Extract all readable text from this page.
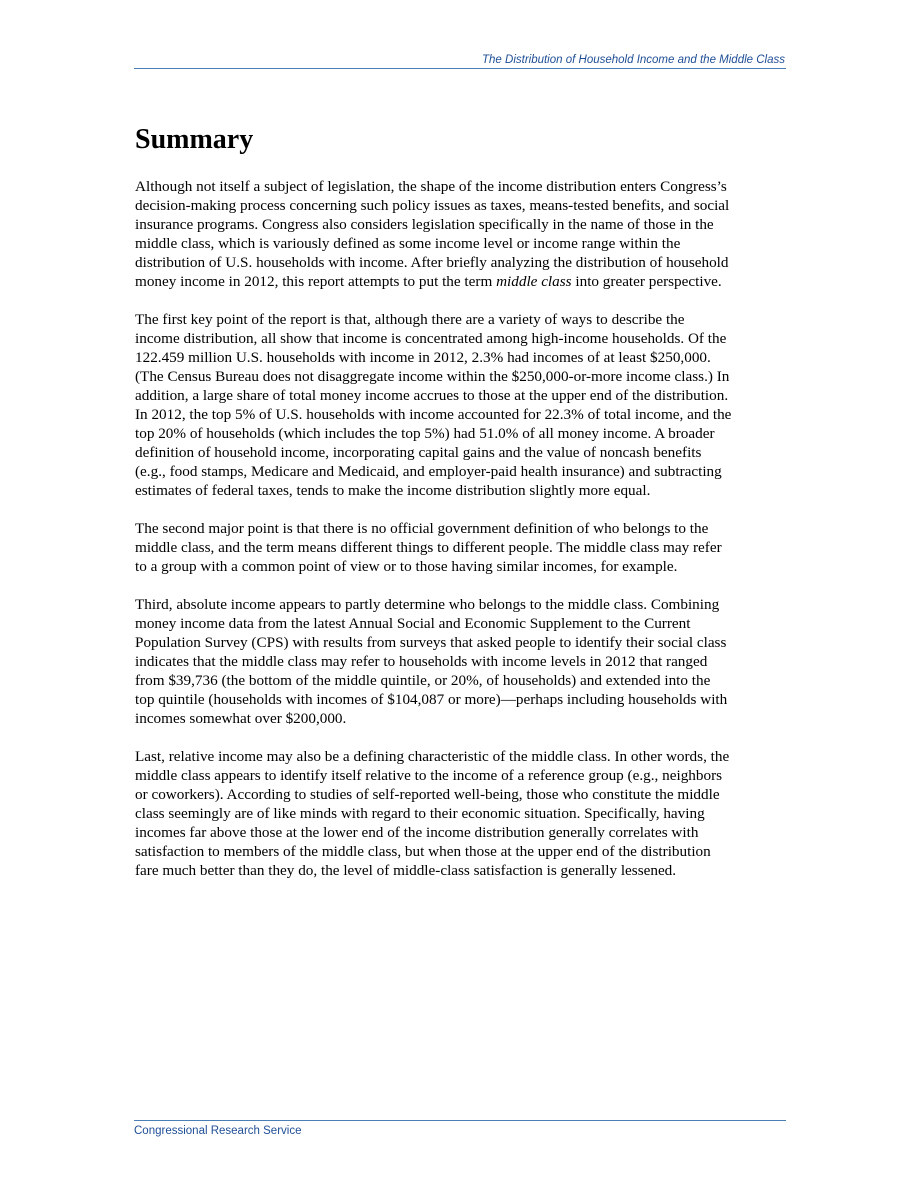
The Distribution of Household Income and the Middle Class
Summary

Although not itself a subject of legislation, the shape of the income distribution enters Congress’s
decision-making process concerning such policy issues as taxes, means-tested benefits, and social
insurance programs. Congress also considers legislation specifically in the name of those in the
middle class, which is variously defined as some income level or income range within the
distribution of U.S. households with income. After briefly analyzing the distribution of household
money income in 2012, this report attempts to put the term middle class into greater perspective.

The first key point of the report is that, although there are a variety of ways to describe the
income distribution, all show that income is concentrated among high-income households. Of the
122.459 million U.S. households with income in 2012, 2.3% had incomes of at least $250,000.
(The Census Bureau does not disaggregate income within the $250,000-or-more income class.) In
addition, a large share of total money income accrues to those at the upper end of the distribution.
In 2012, the top 5% of U.S. households with income accounted for 22.3% of total income, and the
top 20% of households (which includes the top 5%) had 51.0% of all money income. A broader
definition of household income, incorporating capital gains and the value of noncash benefits
(e.g., food stamps, Medicare and Medicaid, and employer-paid health insurance) and subtracting
estimates of federal taxes, tends to make the income distribution slightly more equal.

The second major point is that there is no official government definition of who belongs to the
middle class, and the term means different things to different people. The middle class may refer
to a group with a common point of view or to those having similar incomes, for example.

Third, absolute income appears to partly determine who belongs to the middle class. Combining
money income data from the latest Annual Social and Economic Supplement to the Current
Population Survey (CPS) with results from surveys that asked people to identify their social class
indicates that the middle class may refer to households with income levels in 2012 that ranged
from $39,736 (the bottom of the middle quintile, or 20%, of households) and extended into the
top quintile (households with incomes of $104,087 or more)—perhaps including households with
incomes somewhat over $200,000.

Last, relative income may also be a defining characteristic of the middle class. In other words, the
middle class appears to identify itself relative to the income of a reference group (e.g., neighbors
or coworkers). According to studies of self-reported well-being, those who constitute the middle
class seemingly are of like minds with regard to their economic situation. Specifically, having
incomes far above those at the lower end of the income distribution generally correlates with
satisfaction to members of the middle class, but when those at the upper end of the distribution
fare much better than they do, the level of middle-class satisfaction is generally lessened.

Congressional Research Service
